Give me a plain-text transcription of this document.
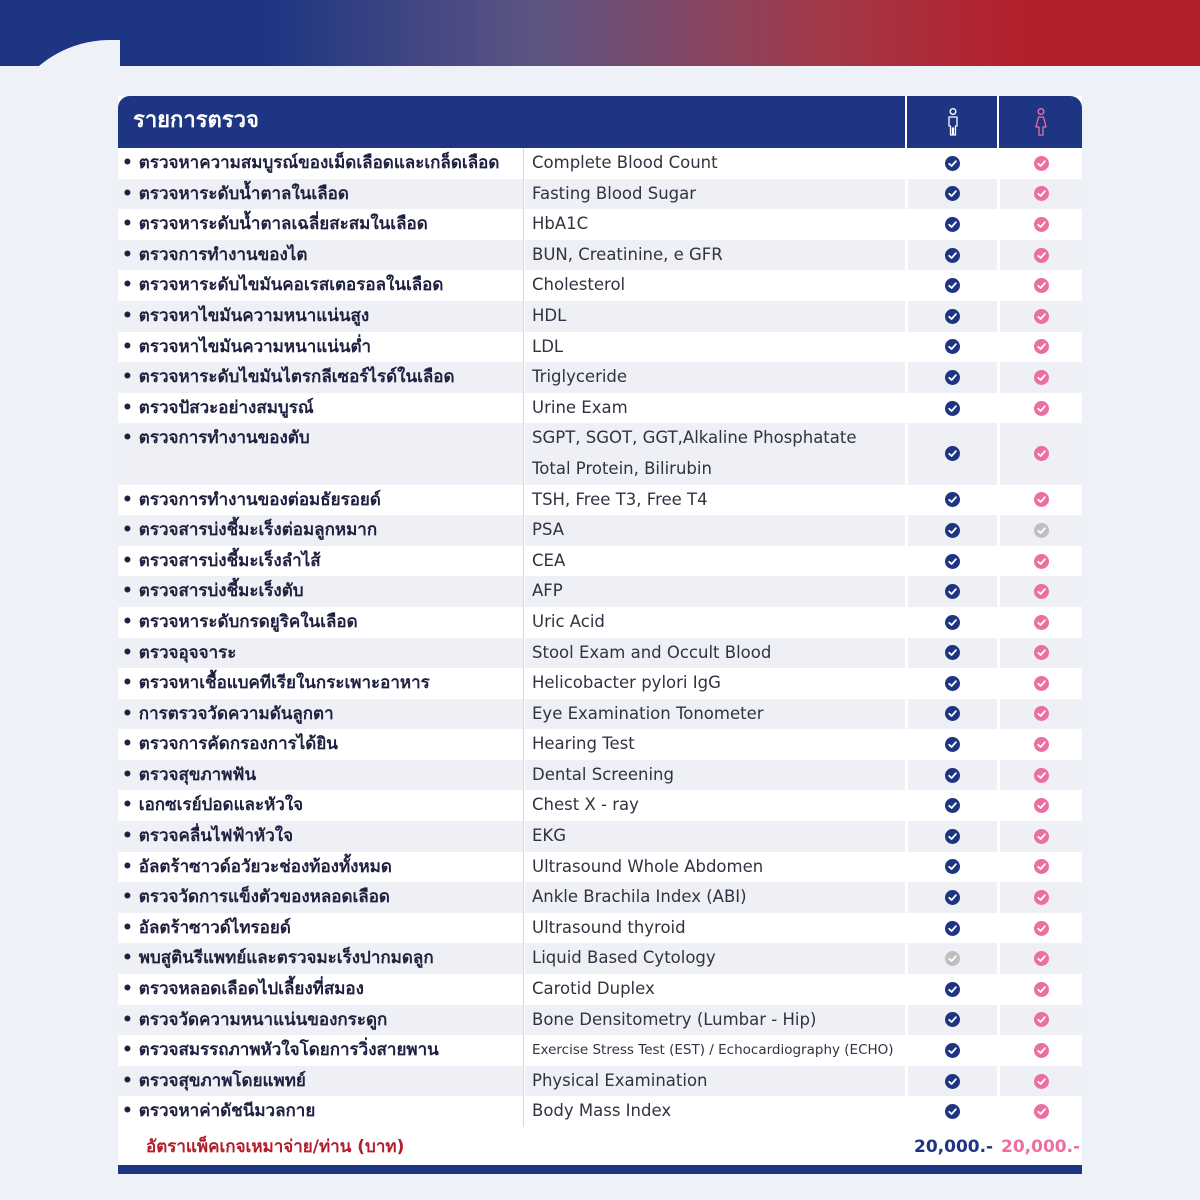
รายการตรวจ
• ตรวจหาความสมบูรณ์ของเม็ดเลือดและเกล็ดเลือด Complete Blood Count
• ตรวจหาระดับน้ำตาลในเลือด	Fasting Blood Sugar
• ตรวจหาระดับน้ำตาลเฉลี่ยสะสมในเลือด	HbA1C
• ตรวจการทำงานของไต	BUN, Creatinine, e GFR
• ตรวจหาระดับไขมันคอเรสเตอรอลในเลือด	Cholesterol
• ตรวจหาไขมันความหนาแน่นสูง	HDL
• ตรวจหาไขมันความหนาแน่นต่ำ	LDL
• ตรวจหาระดับไขมันไตรกลีเซอร์ไรด์ในเลือด	Triglyceride
• ตรวจปัสวะอย่างสมบูรณ์	Urine Exam
• ตรวจการทำงานของตับ	SGPT, SGOT, GGT,Alkaline Phosphatate
Total Protein, Bilirubin
• ตรวจการทำงานของต่อมธัยรอยด์	TSH, Free T3, Free T4
• ตรวจสารบ่งชี้มะเร็งต่อมลูกหมาก	PSA
• ตรวจสารบ่งชี้มะเร็งลำไส้	CEA
• ตรวจสารบ่งชี้มะเร็งตับ	AFP
• ตรวจหาระดับกรดยูริคในเลือด	Uric Acid
• ตรวจอุจจาระ	Stool Exam and Occult Blood
• ตรวจหาเชื้อแบคทีเรียในกระเพาะอาหาร	Helicobacter pylori IgG
• การตรวจวัดความดันลูกตา	Eye Examination Tonometer
• ตรวจการคัดกรองการได้ยิน	Hearing Test
• ตรวจสุขภาพฟัน	Dental Screening
• เอกซเรย์ปอดและหัวใจ	Chest X - ray
• ตรวจคลื่นไฟฟ้าหัวใจ	EKG
• อัลตร้าซาวด์อวัยวะช่องท้องทั้งหมด	Ultrasound Whole Abdomen
• ตรวจวัดการแข็งตัวของหลอดเลือด	Ankle Brachila Index (ABI)
• อัลตร้าซาวด์ไทรอยด์	Ultrasound thyroid
• พบสูตินรีแพทย์และตรวจมะเร็งปากมดลูก	Liquid Based Cytology
• ตรวจหลอดเลือดไปเลี้ยงที่สมอง	Carotid Duplex
• ตรวจวัดความหนาแน่นของกระดูก	Bone Densitometry (Lumbar - Hip)
• ตรวจสมรรถภาพหัวใจโดยการวิ่งสายพาน	Exercise Stress Test (EST) / Echocardiography (ECHO)
• ตรวจสุขภาพโดยแพทย์	Physical Examination
• ตรวจหาค่าดัชนีมวลกาย	Body Mass Index
อัตราแพ็คเกจเหมาจ่าย/ท่าน (บาท)	20,000.- 20,000.-
